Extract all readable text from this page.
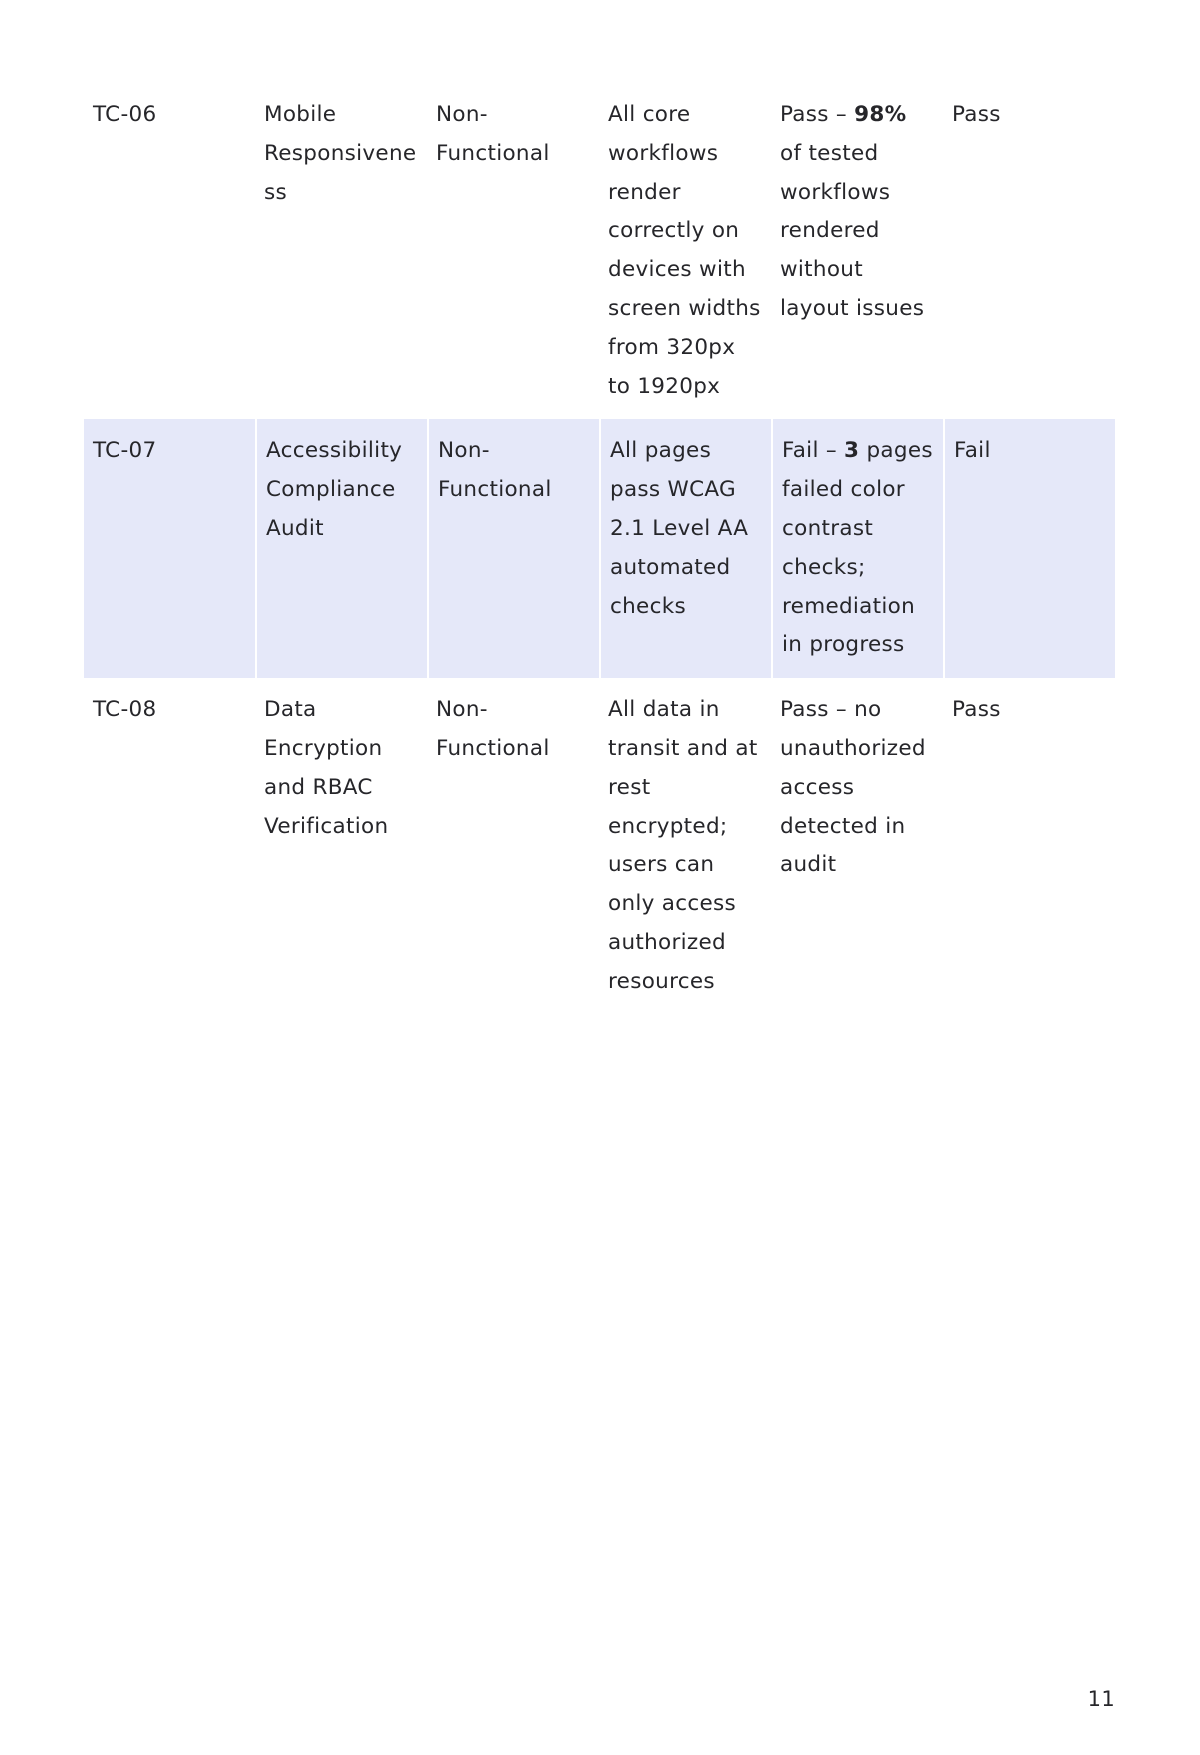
TC-06	Mobile Responsiveness	Non-Functional	All core workflows render correctly on devices with screen widths from 320px to 1920px	Pass – 98% of tested workflows rendered without layout issues	Pass
TC-07	Accessibility Compliance Audit	Non-Functional	All pages pass WCAG 2.1 Level AA automated checks	Fail – 3 pages failed color contrast checks; remediation in progress	Fail
TC-08	Data Encryption and RBAC Verification	Non-Functional	All data in transit and at rest encrypted; users can only access authorized resources	Pass – no unauthorized access detected in audit	Pass
11
